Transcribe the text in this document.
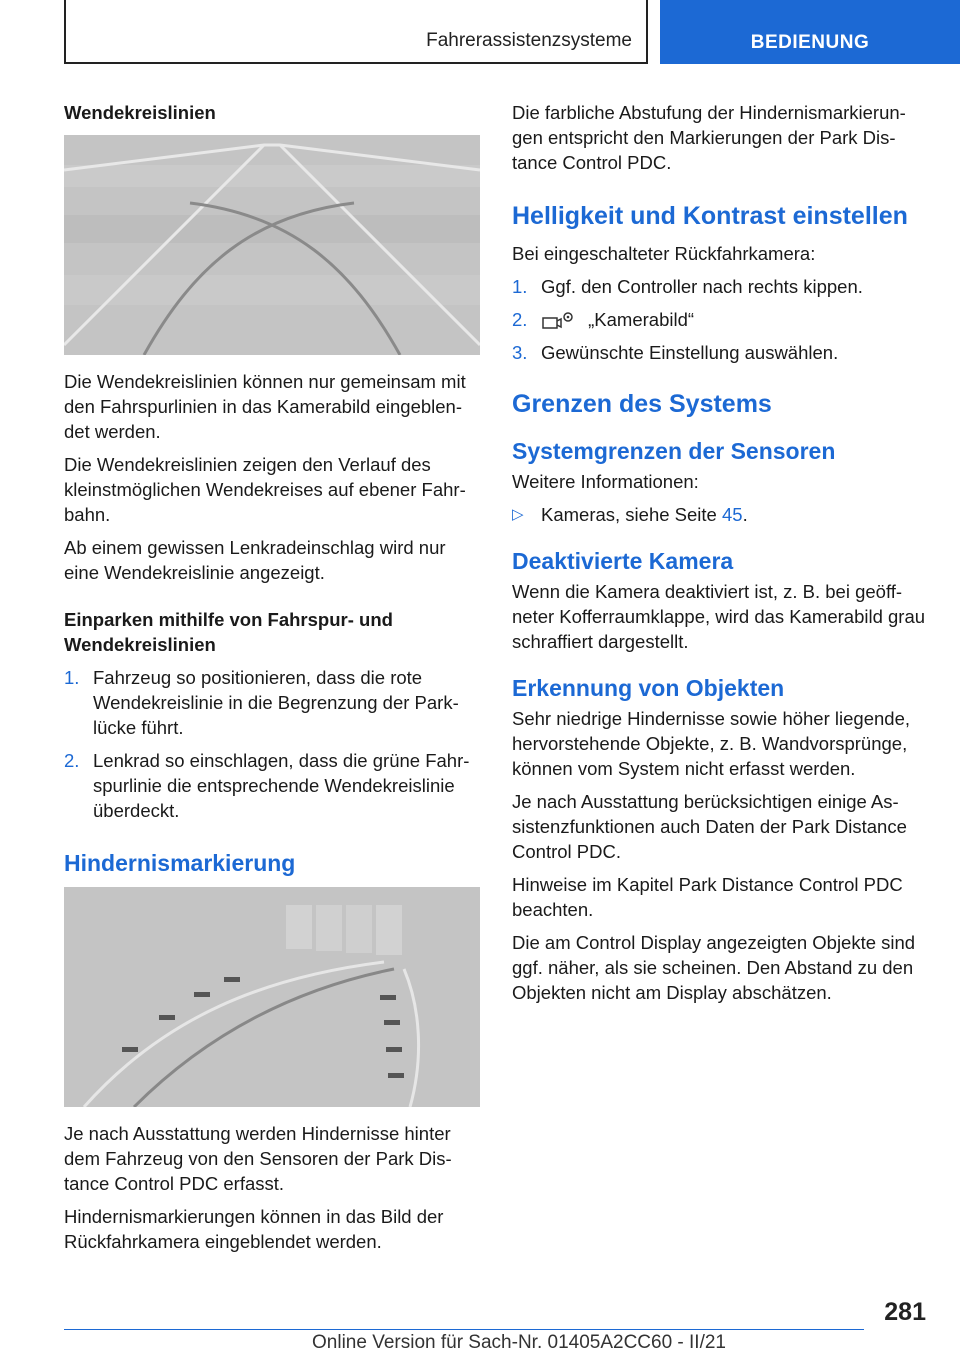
Fahrerassistenzsysteme	BEDIENUNG
Wendekreislinien

Die Wendekreislinien können nur gemeinsam mit den Fahrspurlinien in das Kamerabild eingeblen-det werden.

Die Wendekreislinien zeigen den Verlauf des kleinstmöglichen Wendekreises auf ebener Fahr-bahn.

Ab einem gewissen Lenkradeinschlag wird nur eine Wendekreislinie angezeigt.

Einparken mithilfe von Fahrspur- und Wendekreislinien
1. Fahrzeug so positionieren, dass die rote Wendekreislinie in die Begrenzung der Park-lücke führt.
2. Lenkrad so einschlagen, dass die grüne Fahr-spurlinie die entsprechende Wendekreislinie überdeckt.
Hindernismarkierung

Je nach Ausstattung werden Hindernisse hinter dem Fahrzeug von den Sensoren der Park Dis-tance Control PDC erfasst.

Hindernismarkierungen können in das Bild der Rückfahrkamera eingeblendet werden.

Die farbliche Abstufung der Hindernismarkierun-gen entspricht den Markierungen der Park Dis-tance Control PDC.

Helligkeit und Kontrast einstellen

Bei eingeschalteter Rückfahrkamera:

1. Ggf. den Controller nach rechts kippen.
2.	„Kamerabild“
3. Gewünschte Einstellung auswählen.
Grenzen des Systems
Systemgrenzen der Sensoren

Weitere Informationen:

▷ Kameras, siehe Seite 45.
Deaktivierte Kamera

Wenn die Kamera deaktiviert ist, z. B. bei geöff-neter Kofferraumklappe, wird das Kamerabild grau schraffiert dargestellt.

Erkennung von Objekten

Sehr niedrige Hindernisse sowie höher liegende, hervorstehende Objekte, z. B. Wandvorsprünge, können vom System nicht erfasst werden.

Je nach Ausstattung berücksichtigen einige As-sistenzfunktionen auch Daten der Park Distance Control PDC.

Hinweise im Kapitel Park Distance Control PDC beachten.

Die am Control Display angezeigten Objekte sind ggf. näher, als sie scheinen. Den Abstand zu den Objekten nicht am Display abschätzen.

281
Online Version für Sach-Nr. 01405A2CC60 - II/21
